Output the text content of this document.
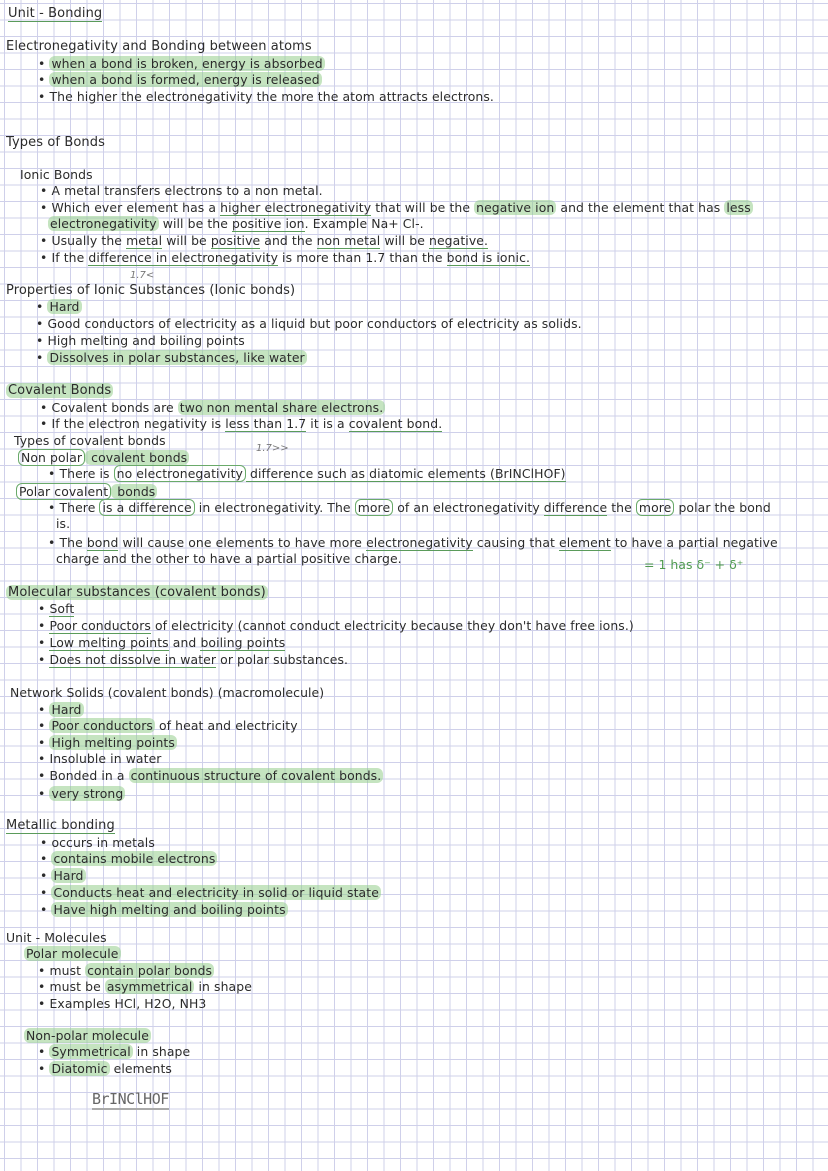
Unit - Bonding
Electronegativity and Bonding between atoms
• when a bond is broken, energy is absorbed
• when a bond is formed, energy is released
• The higher the electronegativity the more the atom attracts electrons.
Types of Bonds
Ionic Bonds
• A metal transfers electrons to a non metal.
• Which ever element has a higher electronegativity that will be the negative ion and the element that has less
electronegativity will be the positive ion. Example Na+ Cl-.
• Usually the metal will be positive and the non metal will be negative.
• If the difference in electronegativity is more than 1.7 than the bond is ionic.
1.7<
Properties of Ionic Substances (Ionic bonds)
• Hard
• Good conductors of electricity as a liquid but poor conductors of electricity as solids.
• High melting and boiling points
• Dissolves in polar substances, like water
Covalent Bonds
• Covalent bonds are two non mental share electrons.
• If the electron negativity is less than 1.7 it is a covalent bond.
Types of covalent bonds
1.7>>
Non polar covalent bonds
• There is no electronegativity difference such as diatomic elements (BrINClHOF)
Polar covalent bonds
• There is a difference in electronegativity. The more of an electronegativity difference the more polar the bond
is.
• The bond will cause one elements to have more electronegativity causing that element to have a partial negative
charge and the other to have a partial positive charge.	= 1 has δ⁻ + δ⁺
Molecular substances (covalent bonds)
• Soft
• Poor conductors of electricity (cannot conduct electricity because they don't have free ions.)
• Low melting points and boiling points
• Does not dissolve in water or polar substances.
Network Solids (covalent bonds) (macromolecule)
• Hard
• Poor conductors of heat and electricity
• High melting points
• Insoluble in water
• Bonded in a continuous structure of covalent bonds.
• very strong
Metallic bonding
• occurs in metals
• contains mobile electrons
• Hard
• Conducts heat and electricity in solid or liquid state
• Have high melting and boiling points
Unit - Molecules
Polar molecule
• must contain polar bonds
• must be asymmetrical in shape
• Examples HCl, H2O, NH3
Non-polar molecule
• Symmetrical in shape
• Diatomic elements
BrINClHOF
